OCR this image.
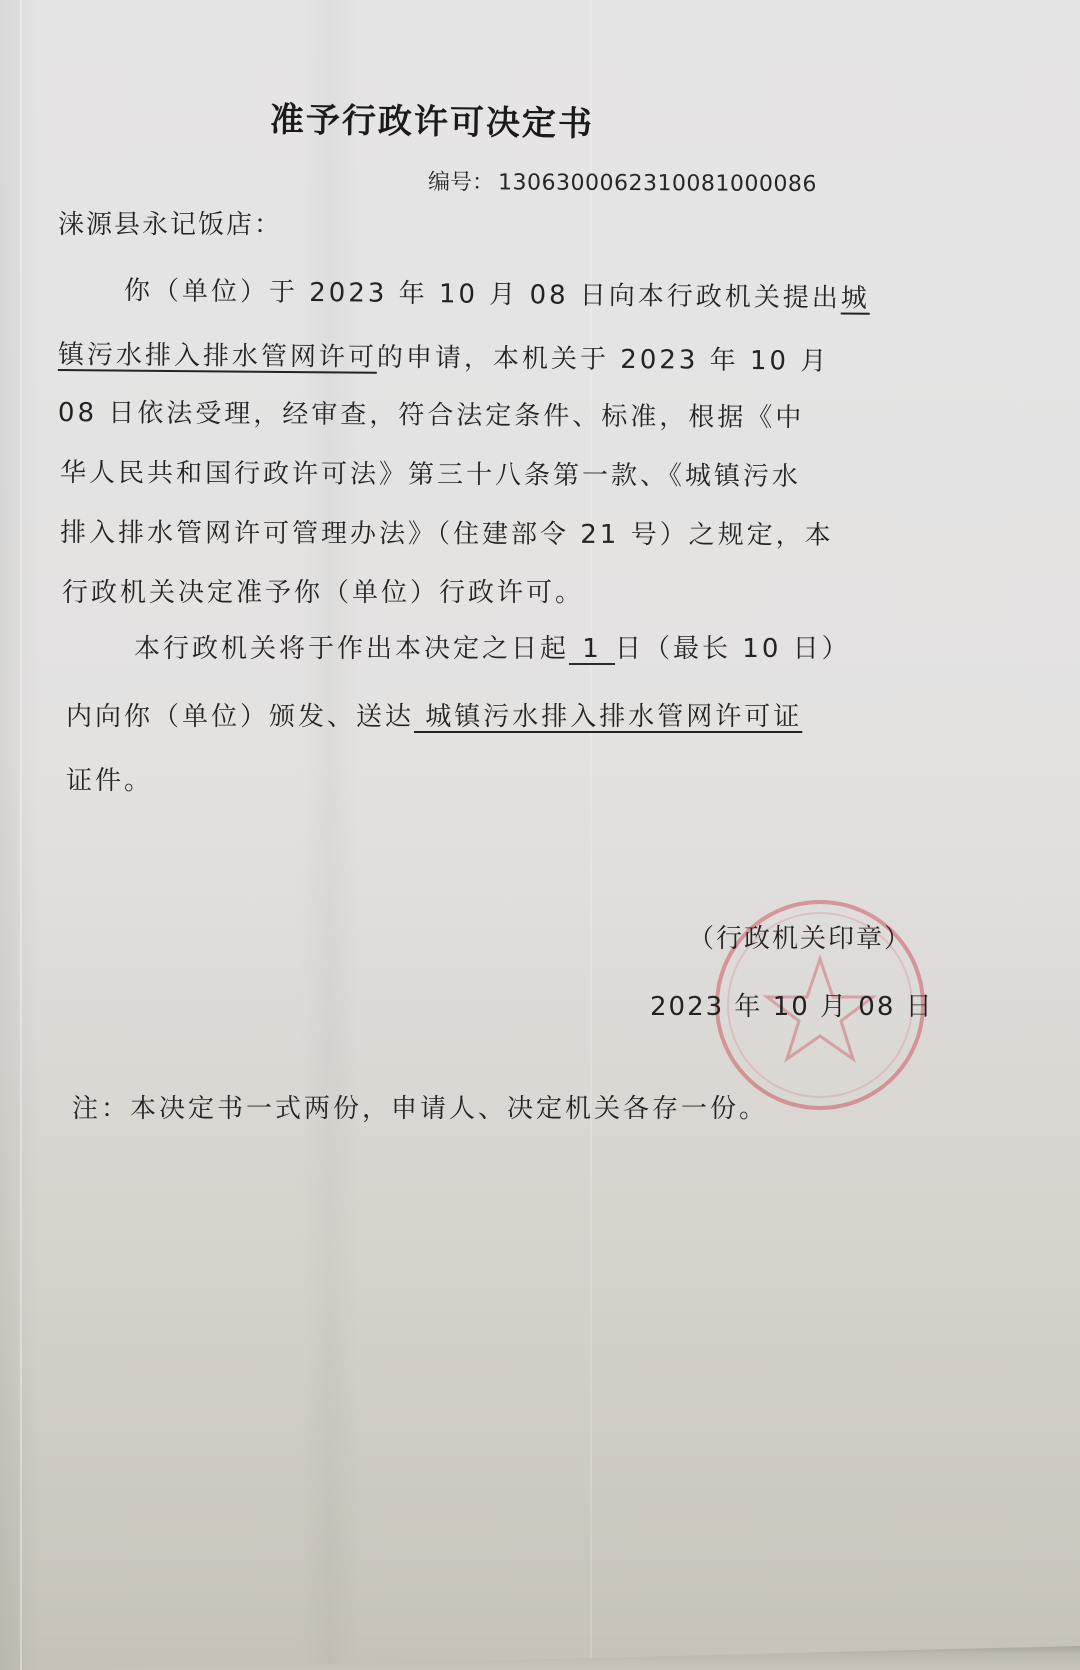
准予行政许可决定书
编号： 1306300062310081000086
涞源县永记饭店：
你（单位）于 2023 年 10 月 08 日向本行政机关提出城
镇污水排入排水管网许可的申请，本机关于 2023 年 10 月
08 日依法受理，经审查，符合法定条件、标准，根据《中
华人民共和国行政许可法》第三十八条第一款、《城镇污水
排入排水管网许可管理办法》（住建部令 21 号）之规定，本
行政机关决定准予你（单位）行政许可。
本行政机关将于作出本决定之日起 1 日（最长 10 日）
内向你（单位）颁发、送达 城镇污水排入排水管网许可证
证件。
（行政机关印章）
2023 年 10 月 08 日
注：本决定书一式两份，申请人、决定机关各存一份。
